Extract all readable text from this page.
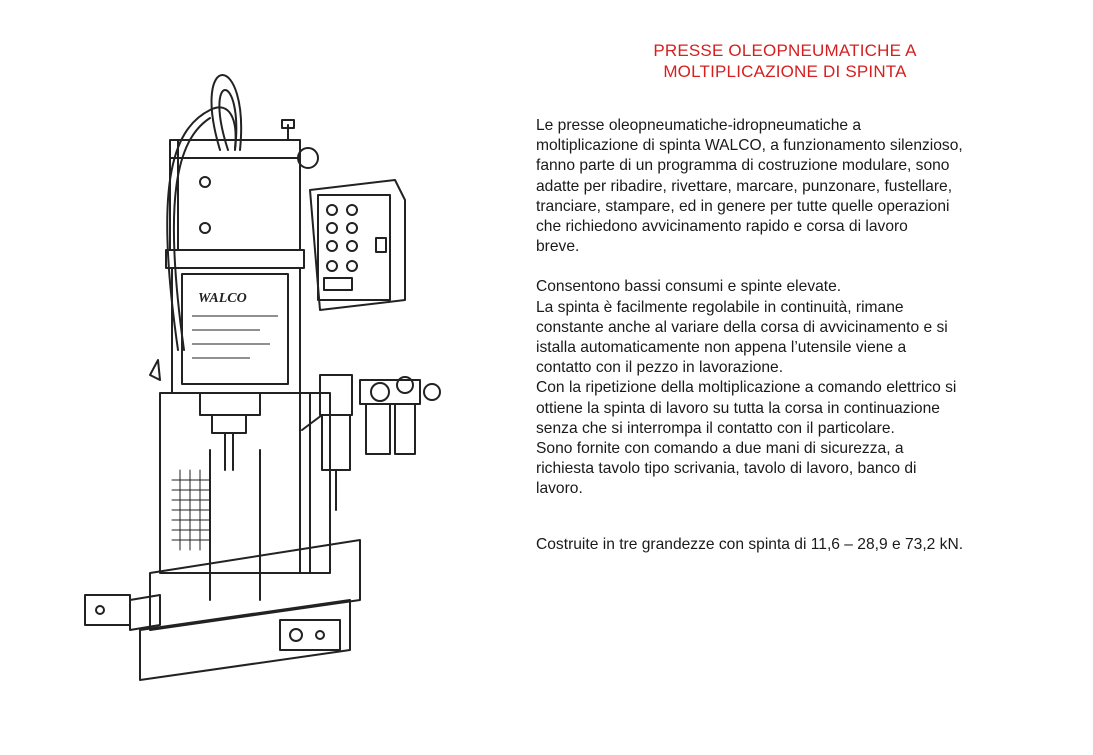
WALCO
PRESSE OLEOPNEUMATICHE A
MOLTIPLICAZIONE DI SPINTA
Le presse oleopneumatiche-idropneumatiche a
moltiplicazione di spinta WALCO, a funzionamento silenzioso,
fanno parte di un programma di costruzione modulare, sono
adatte per ribadire, rivettare, marcare, punzonare, fustellare,
tranciare, stampare, ed in genere per tutte quelle operazioni
che richiedono avvicinamento rapido e corsa di lavoro
breve.
Consentono bassi consumi e spinte elevate.
La spinta è facilmente regolabile in continuità, rimane
constante anche al variare della corsa di avvicinamento e si
istalla automaticamente non appena l’utensile viene a
contatto con il pezzo in lavorazione.
Con la ripetizione della moltiplicazione a comando elettrico si
ottiene la spinta di lavoro su tutta la corsa in continuazione
senza che si interrompa il contatto con il particolare.
Sono fornite con comando a due mani di sicurezza, a
richiesta tavolo tipo scrivania, tavolo di lavoro, banco di
lavoro.
Costruite in tre grandezze con spinta di 11,6 – 28,9 e 73,2 kN.
